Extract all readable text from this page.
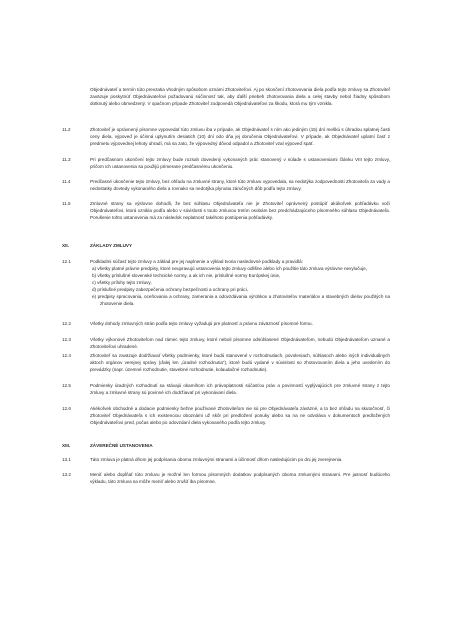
Objednávateľ a termín túto prevzatia vhodným spôsobom oznámi Zhotoviteľovi. Aj po skončení zhotovovania diela podľa tejto zmluvy sa Zhotoviteľ zaväzuje poskytnúť Objednávateľovi požadovanú súčinnosť tak, aby ďalší priebeh zhotovovania diela a celej stavby nebol žiadny spôsobom dotknutý alebo obmedzený. V opačnom prípade Zhotoviteľ zodpovedá Objednávateľovi za škodu, ktorá mu tým vznikla.
11.2	Zhotoviteľ je oprávnený písomne vypovedať túto zmluvu iba v prípade, ak Objednávateľ s ním ako jediným (15) dní meškú s úhradou splatnej časti ceny diela, výpoveď je účinná uplynutím desiatich (10) dní odo dňa jej doručenia Objednávateľovi. V prípade, ak Objednávateľ uplatní časť z predmetu výpovednej lehoty uhradí, má sa zato, že výpovedný dôvod odpadol a Zhotoviteľ vzal výpoveď späť.
11.3	Pri predčasnom ukončení tejto zmluvy bude rozsah dovedený vykonaných prác stanovený v súlade s ustanoveniami článku VIII tejto zmluvy, pričom ich ustanovenia sa použijú primerane predčasnému ukončeniu.
11.4	Predčasné ukončenie tejto zmluvy, bez ohľadu na zmluvné strany, ktoré túto zmluvu vypovedala, sa nedotýka zodpovednosti Zhotoviteľa za vady a nedostatky dovtedy vykonaného diela a rovnako sa nedotýka plynutia záručných dôb podľa tejto zmluvy.
11.5	Zmluvné strany sa výslovne dohodli, že bez súhlasu Objednávateľa nie je Zhotoviteľ oprávnený postúpiť akúkoľvek pohľadávku voči Objednávateľovi, ktorá vznikla podľa alebo v súvislosti s touto zmluvou tretím osobám bez predchádzajúceho písomného súhlasu Objednávateľa. Porušenie tohto ustanovenia má za následok neplatnosť takéhoto postúpenia pohľadávky.
XII.	ZÁKLADY ZMLUVY
12.1	Podkladmi súčasť tejto zmluvy a základ pre jej naplnenie a výklad tvoria nasledovné podklady a pravidlá:
a) všetky platné právne predpisy, ktoré neupravujú ustanovenia tejto zmluvy odlišne alebo ich použitie táto zmluva výslovne nevylučuje,
b) všetky príslušné slovenské technické normy, a ak ich nie, príslušné normy Európskej únie,
c) všetky prílohy tejto zmluvy,
d) príslušné predpisy zabezpečenia ochrany bezpečnosti a ochrany pri práci,
e) predpisy spracovania, oceňovania a ochrany, zamerania a odovzdávania výrobkov a zhotoviteľov materiálov a stavebných dielov použitých na zhotovenie diela.
12.2	Všetky dohody zmluvných strán podľa tejto zmluvy vyžadujú pre platnosť a právnu záväznosť písomné formu.
12.3	Všetky výkonové Zhotoviteľom nad rámec tejto zmluvy, ktoré neboli písomne odsúhlasené Objednávateľom, nebudú Objednávateľom uznané a Zhotoviteľovi uhradené.
12.4	Zhotoviteľ sa zaväzuje dodržiavať všetky podmienky, ktoré budú stanovené v rozhodnutiach, povoleniach, súhlasoch alebo iných individuálnych aktoch orgánov verejnej správy (ďalej len „úradné rozhodnutia“), ktoré budú vydané v súvislosti so zhotovovaním diela a jeho uvedením do prevádzky (napr. územné rozhodnutie, stavebné rozhodnutie, kolaudačné rozhodnutie).
12.5	Podmienky úradných rozhodnutí sa stávajú okamihom ich právoplatnosti súčasťou práv a povinností vyplývajúcich pre zmluvné strany z tejto zmluvy a zmluvné strany sú povinné ich dodržiavať pri vykonávaní diela.
12.6	Akékoľvek obchodné a dodacie podmienky bežne používané Zhotoviteľom nie sú pre Objednávateľa záväzné, a to bez ohľadu na skutočnosť, či Zhotoviteľ Objednávateľa s ich existenciou oboznámi už skôr pri predložení ponuky alebo sa na ne odvoláva v dokumentoch predložených Objednávateľovi pred, počas alebo po odovzdaní diela vykonaného podľa tejto zmluvy.
XIII.	ZÁVEREČNÉ USTANOVENIA
13.1	Táto zmluva je platná dňom jej podpísania oboma zmluvnými stranami a účinnosť dňom nasledujúcim po dni jej zverejnenia.
13.2	Meniť alebo dopĺňať túto zmluvu je možné len formou písomných dodatkov podpísaných oboma zmluvnými stranami. Pre jasnosť budúceho výkladu, táto zmluva sa môže meniť alebo zrušiť iba písomne.
